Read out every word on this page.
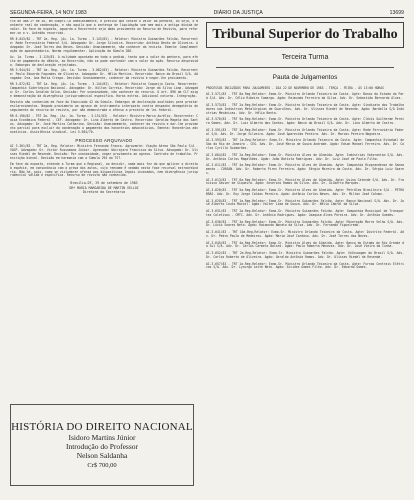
SEGUNDA-FEIRA, 14 NOV 1983	DIÁRIO DA JUSTIÇA	13699

tra de uma 2ª de 38, em cumpri-la imediatamente, é preciso que conste o valor da penhora, ou seja, o montante real da condenação, e não aquilo que a sentença de liquidação sem nem mais a antiga dúvida de valor. Em face do exposto, aguarda o Recorrente seja dado provimento ao Recurso de Revista, para reformar-se o v. Acórdão recorrido.

RR 8.043/82 - TRT 2a. Reg. (Ac. 1a. Turma - 3.143/83) - Relator: Ministro Guimarães Falcão. Recorrente: Rede Ferroviária Federal S/A. Advogado: Dr. Jorge Silveira. Recorrido: Antônio Bento de Oliveira. Advogado: Dr. José Torres das Neves. Decisão: Unanimemente, não conhecer da revista. Ementa: Complementação de aposentadoria. Norma regulamentar. Aplicação da Súmula 288.

Ac. 1a. Turma - 3.119/83. A nulidade apontada em todo o pedido, tanto que o valor da penhora, para efeito de pagamento do débito, ao Recorrido, não se pode confundir com o valor da ação. Recurso desprovido. Embargos de declaração rejeitados.

RR 3.944/81 - TRT 4a. Reg. (Ac. 1a. Turma - 3.082/83) - Relator: Ministro Guimarães Falcão. Recorrente: Paulo Eduardo Fagundes de Oliveira. Advogado: Dr. Hélio Martins. Recorrido: Banco do Brasil S/A. Advogada: Dra. Ana Maria Crespo. Decisão: Unanimemente, conhecer da revista e negar-lhe provimento.

RR 5.872/82 - TRT 1a. Reg. (Ac. 1a. Turma - 3.144/83) - Relator: Ministro Coqueijo Costa. Recorrente: Companhia Siderúrgica Nacional. Advogado: Dr. Nilton Correia. Recorrido: Jorge da Silva Lima. Advogado: Dr. Carlos Arnaldo Selva. Decisão: Por unanimidade, não conhecer do recurso. O art. 896 da CLT exige demonstração da divergência jurisprudencial específica. Horas extras. Adicional noturno. Integração.

Revista não conhecida em face do Enunciado 42 da Súmula. Embargos de declaração acolhidos para prestar esclarecimentos. Negado provimento ao agravo de instrumento interposto contra despacho denegatório de seguimento de recurso de revista, por não demonstrada a ofensa a preceito de lei federal.

RR 6.190/82 - TRT 3a. Reg. (Ac. 1a. Turma - 3.151/83) - Relator: Ministro Marco Aurélio. Recorrente: Caixa Econômica Federal - CEF. Advogado: Dr. Lino Alberto de Castro. Recorrido: Geraldo Magela dos Santos. Advogado: Dr. José Martins Catharino. Decisão: Unanimemente, conhecer da revista e dar-lhe provimento parcial para excluir da condenação o pagamento dos honorários advocatícios. Ementa: Honorários advocatícios. Assistência sindical. Lei 5.584/70.

PROCESSO ARQUIVADO

AI 3.301/83 - TRT 2a. Reg. Relator: Ministro Fernando Franco. Agravante: Viação Aérea São Paulo S/A - VASP. Advogado: Dr. Victor Russomano Júnior. Agravado: Ubirajara Francisco da Silva. Advogado: Dr. Ulisses Riedel de Resende. Decisão: Por unanimidade, negar provimento ao agravo. Contrato de trabalho. Prescrição bienal. Decisão em harmonia com a Súmula 294 do TST.

Em face do exposto, entende a Turma que o Regional, ao decidir, nada mais fez do que aplicar o direito à espécie, em consonância com a prova dos autos, cujo reexame é vedado nesta fase recursal extraordinária. Não há, pois, como se vislumbrar ofensa aos dispositivos legais invocados, nem divergência jurisprudencial válida e específica. Recurso de revista não conhecido.

Brasília-DF, 29 de setembro de 1983
DRª MARIA MARGARIDA DE MARTIN VELLOZ
Diretora da Secretaria
HISTÓRIA DO DIREITO NACIONAL
Isidoro Martins Júnior
Introdução do Professor
Nelson Saldanha
Cr$ 700,00
Tribunal Superior do Trabalho
Terceira Turma
Pauta de Julgamentos
PROCESSOS INCLUÍDOS PARA JULGAMENTO - DIA 22 DE NOVEMBRO DE 1983 - TERÇA - FEIRA - ÀS 13:00 HORAS
AI-3.571/83 - TRT 8a.Reg.Relator: Exmo.Sr. Ministro Orlando Teixeira da Costa. Agte: Banco do Estado do Pará S/A. Adv. Dr. Célio Ribeiro Camargo. Agdo: Raimundo Ferreira da Silva. Adv. Dr. Sebastião Bernardo Alves.
AI-3.573/83 - TRT 2a.Reg.Relator: Exmo.Sr. Ministro Orlando Teixeira da Costa. Agte: Sindicato dos Trabalhadores nas Indústrias Metalúrgicas de Guarulhos. Adv. Dr. Ulisses Riedel de Resende. Agda: Bardella S/A Indústrias Mecânicas. Adv. Dr. Hélio Bento.
AI-3.578/83 - TRT 9a.Reg.Relator: Exmo.Sr. Ministro Orlando Teixeira da Costa. Agte: Clóvis Guilherme Pereira Gomes. Adv. Dr. Luiz Alberto dos Santos. Agdo: Banco do Brasil S/A. Adv. Dr. Lino Alberto de Castro.
AI-3.591/83 - TRT 3a.Reg.Relator: Exmo.Sr. Ministro Orlando Teixeira da Costa. Agte: Rede Ferroviária Federal S/A. Adv. Dr. Jorge Silveira. Agdo: José Aparecido Pereira. Adv. Dr. Marcos Pereira Nogueira.
AI-3.593/83 - TRT 1a.Reg.Relator: Exmo.Sr. Ministro Orlando Teixeira da Costa. Agte: Companhia Estadual de Gás do Rio de Janeiro - CEG. Adv. Dr. José Maria de Souza Andrade. Agdo: Edson Manoel Ferreira. Adv. Dr. Carlos Cyrillo Guimarães.
AI-3.604/83 - TRT 2a.Reg.Relator: Exmo.Sr. Ministro Alves de Almeida. Agte: Indústrias Votorantim S/A. Adv. Dr. Antônio Carlos Magalhães. Agdo: João Batista Rodrigues. Adv. Dr. Luiz José de Paula Filho.
AI-3.611/83 - TRT 4a.Reg.Relator: Exmo.Sr. Ministro Alves de Almeida. Agte: Companhia Riograndense de Saneamento - CORSAN. Adv. Dr. Roberto Pires Ferreira. Agdo: Sérgio Moreira da Costa. Adv. Dr. Sérgio Luiz Soares.
AI-3.613/83 - TRT 6a.Reg.Relator: Exmo.Sr. Ministro Alves de Almeida. Agte: Usina Catende S/A. Adv. Dr. Francisco Xavier de Siqueira. Agdo: Severino Ramos da Silva. Adv. Dr. Gilberto Marques.
AI-3.620/83 - TRT 5a.Reg.Relator: Exmo.Sr. Ministro Alves de Almeida. Agte: Petróleo Brasileiro S/A - PETROBRÁS. Adv. Dr. Ruy Jorge Caldas Pereira. Agdo: Antônio Carlos Neves. Adv. Dr. Milton José Calmon.
AI-3.628/83 - TRT 1a.Reg.Relator: Exmo.Sr. Ministro Guimarães Falcão. Agte: Banco Nacional S/A. Adv. Dr. José Alberto Couto Maciel. Agdo: Valter Lima de Souza. Adv. Dr. Nélio Cabral da Silva.
AI-3.631/83 - TRT 2a.Reg.Relator: Exmo.Sr. Ministro Guimarães Falcão. Agte: Companhia Municipal de Transportes Coletivos - CMTC. Adv. Dr. Antônio Rodrigues. Agdo: Joaquim Alves Pereira. Adv. Dr. Antônio Guedes.
AI-3.636/83 - TRT 3a.Reg.Relator: Exmo.Sr. Ministro Guimarães Falcão. Agte: Mineração Morro Velho S/A. Adv. Dr. Lúcio Soares Neto. Agdo: Raimundo Nonato da Silva. Adv. Dr. Fernando Figueiredo.
AI-3.641/83 - TRT 10a.Reg.Relator: Exmo.Sr. Ministro Orlando Teixeira da Costa. Agte: Distrito Federal. Adv. Dr. Pedro Paulo de Medeiros. Agda: Maria José Cardoso. Adv. Dr. José Torres das Neves.
AI-3.645/83 - TRT 4a.Reg.Relator: Exmo.Sr. Ministro Alves de Almeida. Agte: Banco do Estado do Rio Grande do Sul S/A. Adv. Dr. Carlos Carmelo Balaró. Agdo: Paulo Roberto Menezes. Adv. Dr. José Vieira da Cunha.
AI-3.652/83 - TRT 2a.Reg.Relator: Exmo.Sr. Ministro Guimarães Falcão. Agte: Volkswagen do Brasil S/A. Adv. Dr. Carlos Roberto de Oliveira. Agdo: Geraldo Antônio Ramos. Adv. Dr. Ulisses Riedel de Resende.
AI-3.657/83 - TRT 1a.Reg.Relator: Exmo.Sr. Ministro Orlando Teixeira da Costa. Agte: Furnas Centrais Elétricas S/A. Adv. Dr. Lycurgo Leite Neto. Agdo: Alcides Gomes Filho. Adv. Dr. Eduardo Gomes.
